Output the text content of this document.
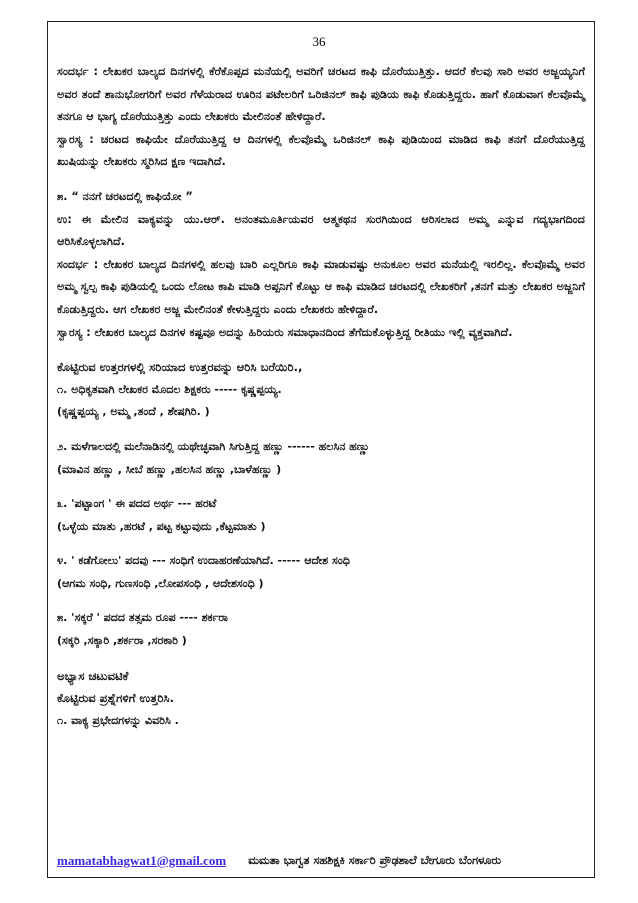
36

ಸಂದರ್ಭ : ಲೇಖಕರ ಬಾಲ್ಯದ ದಿನಗಳಲ್ಲಿ ಕೆರೆಕೊಪ್ಪದ ಮನೆಯಲ್ಲಿ ಅವರಿಗೆ ಚರಟದ ಕಾಫಿ ದೊರೆಯುತ್ತಿತ್ತು. ಆದರೆ ಕೆಲವು ಸಾರಿ ಅವರ ಅಜ್ಜಯ್ಯನಿಗೆ ಅವರ ತಂದೆ ಶಾನುಭೋಗರಿಗೆ ಅವರ ಗೆಳೆಯರಾದ ಊರಿನ ಪಟೇಲರಿಗೆ ಒರಿಜಿನಲ್ ಕಾಫಿ ಪುಡಿಯ ಕಾಫಿ ಕೊಡುತ್ತಿದ್ದರು. ಹಾಗೆ ಕೊಡುವಾಗ ಕೆಲವೊಮ್ಮೆ ತನಗೂ ಆ ಭಾಗ್ಯ ದೊರೆಯುತ್ತಿತ್ತು ಎಂದು ಲೇಖಕರು ಮೇಲಿನಂತೆ ಹೇಳಿದ್ದಾರೆ.

ಸ್ವಾರಸ್ಯ : ಚರಟದ ಕಾಫಿಯೇ ದೊರೆಯುತ್ತಿದ್ದ ಆ ದಿನಗಳಲ್ಲಿ ಕೆಲವೊಮ್ಮೆ ಒರಿಜಿನಲ್ ಕಾಫಿ ಪುಡಿಯಿಂದ ಮಾಡಿದ ಕಾಫಿ ತನಗೆ ದೊರೆಯುತ್ತಿದ್ದ ಖುಷಿಯನ್ನು ಲೇಖಕರು ಸ್ಮರಿಸಿದ ಕ್ಷಣ ಇದಾಗಿದೆ.

೫. “ ನನಗೆ ಚರಟದಲ್ಲಿ ಕಾಫಿಯೋ ”

ಉ: ಈ ಮೇಲಿನ ವಾಕ್ಯವನ್ನು ಯು.ಆರ್. ಅನಂತಮೂರ್ತಿಯವರ ಆತ್ಮಕಥನ ಸುರಗಿಯಿಂದ ಆರಿಸಲಾದ ಅಮ್ಮ ಎನ್ನುವ ಗದ್ಯಭಾಗದಿಂದ ಆರಿಸಿಕೊಳ್ಳಲಾಗಿದೆ.

ಸಂದರ್ಭ : ಲೇಖಕರ ಬಾಲ್ಯದ ದಿನಗಳಲ್ಲಿ ಹಲವು ಬಾರಿ ಎಲ್ಲರಿಗೂ ಕಾಫಿ ಮಾಡುವಷ್ಟು ಅನುಕೂಲ ಅವರ ಮನೆಯಲ್ಲಿ ಇರಲಿಲ್ಲ. ಕೆಲವೊಮ್ಮೆ ಅವರ ಅಮ್ಮ ಸ್ವಲ್ಪ ಕಾಫಿ ಪುಡಿಯಲ್ಲಿ ಒಂದು ಲೋಟ ಕಾಪಿ ಮಾಡಿ ಅಪ್ಪನಿಗೆ ಕೊಟ್ಟು ಆ ಕಾಫಿ ಮಾಡಿದ ಚರಟದಲ್ಲಿ ಲೇಖಕರಿಗೆ ,ತನಗೆ ಮತ್ತು ಲೇಖಕರ ಅಜ್ಜನಿಗೆ ಕೊಡುತ್ತಿದ್ದರು. ಆಗ ಲೇಖಕರ ಅಜ್ಜ ಮೇಲಿನಂತೆ ಕೇಳುತ್ತಿದ್ದರು ಎಂದು ಲೇಖಕರು ಹೇಳಿದ್ದಾರೆ.

ಸ್ವಾರಸ್ಯ : ಲೇಖಕರ ಬಾಲ್ಯದ ದಿನಗಳ ಕಷ್ಟವೂ ಅದನ್ನು ಹಿರಿಯರು ಸಮಾಧಾನದಿಂದ ತೆಗೆದುಕೊಳ್ಳುತ್ತಿದ್ದ ರೀತಿಯು ಇಲ್ಲಿ ವ್ಯಕ್ತವಾಗಿದೆ.

ಕೊಟ್ಟಿರುವ ಉತ್ತರಗಳಲ್ಲಿ ಸರಿಯಾದ ಉತ್ತರವನ್ನು ಆರಿಸಿ ಬರೆಯಿರಿ.,

೧. ಅಧಿಕೃತವಾಗಿ ಲೇಖಕರ ಮೊದಲ ಶಿಕ್ಷಕರು ----- ಕೃಷ್ಣಪ್ಪಯ್ಯ.

(ಕೃಷ್ಣಪ್ಪಯ್ಯ , ಅಮ್ಮ ,ತಂದೆ , ಶೇಷಗಿರಿ. )

೨. ಮಳೆಗಾಲದಲ್ಲಿ ಮಲೆನಾಡಿನಲ್ಲಿ ಯಥೇಚ್ಛವಾಗಿ ಸಿಗುತ್ತಿದ್ದ ಹಣ್ಣು ------ ಹಲಸಿನ ಹಣ್ಣು

(ಮಾವಿನ ಹಣ್ಣು , ಸೀಬೆ ಹಣ್ಣು ,ಹಲಸಿನ ಹಣ್ಣು ,ಬಾಳೆಹಣ್ಣು )

೩. 'ಪಟ್ಟಾಂಗ ' ಈ ಪದದ ಅರ್ಥ --- ಹರಟೆ

(ಒಳ್ಳೆಯ ಮಾತು ,ಹರಟೆ , ಪಟ್ಟ ಕಟ್ಟುವುದು ,ಕೆಟ್ಟಮಾತು )

೪. ' ಕಡೆಗೋಲು' ಪದವು --- ಸಂಧಿಗೆ ಉದಾಹರಣೆಯಾಗಿದೆ. ----- ಆದೇಶ ಸಂಧಿ

(ಆಗಮ ಸಂಧಿ, ಗುಣಸಂಧಿ ,ಲೋಪಸಂಧಿ , ಆದೇಶಸಂಧಿ )

೫. 'ಸಕ್ಕರೆ ' ಪದದ ತತ್ಸಮ ರೂಪ ---- ಶರ್ಕರಾ

(ಸಕ್ಕರಿ ,ಸಕ್ಕಾರಿ ,ಶರ್ಕರಾ ,ಸರಕಾರಿ )

ಅಭ್ಯಾಸ ಚಟುವಟಿಕೆ

ಕೊಟ್ಟಿರುವ ಪ್ರಶ್ನೆಗಳಿಗೆ ಉತ್ತರಿಸಿ.

೧. ವಾಕ್ಯ ಪ್ರಭೇದಗಳನ್ನು ವಿವರಿಸಿ .

mamatabhagwat1@gmail.com ಮಮತಾ ಭಾಗ್ವತ ಸಹಶಿಕ್ಷಕಿ ಸರ್ಕಾರಿ ಪ್ರೌಢಶಾಲೆ ಬೇಗೂರು ಬೆಂಗಳೂರು
